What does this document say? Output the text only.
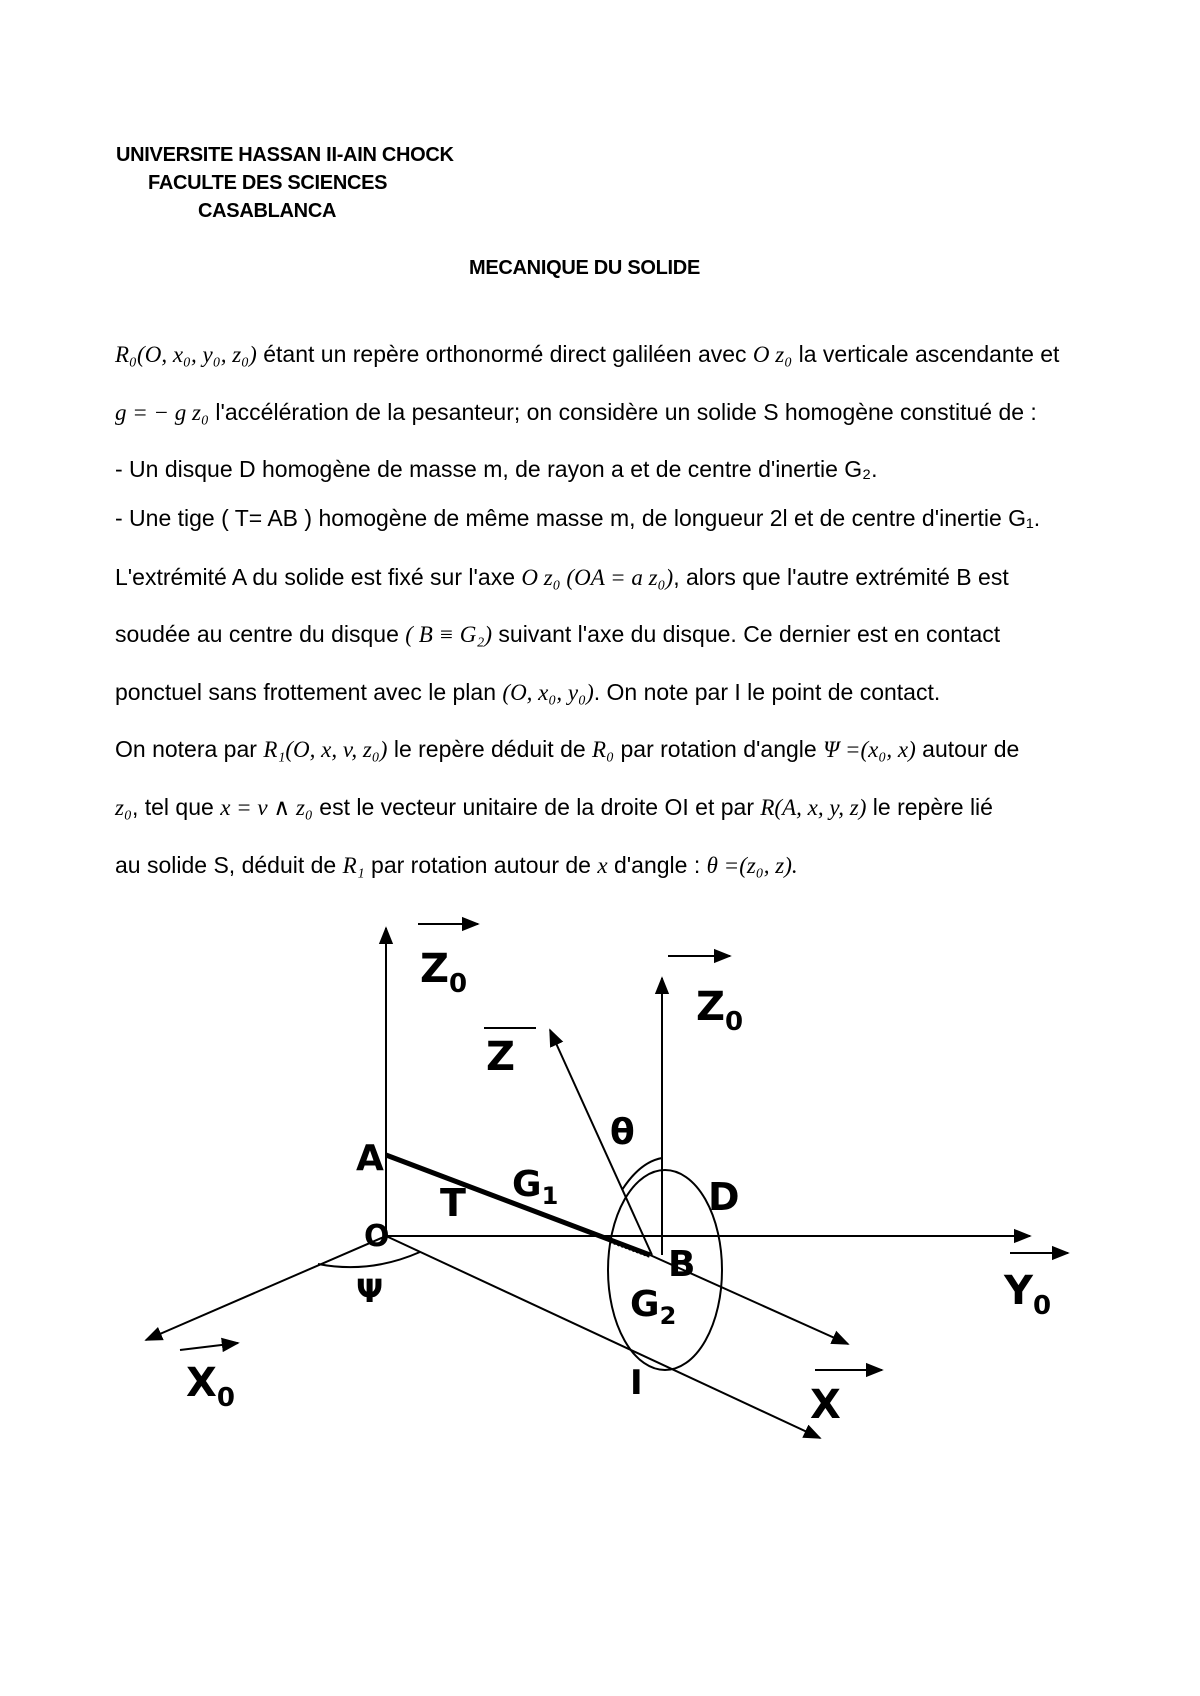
UNIVERSITE HASSAN II-AIN CHOCK
FACULTE DES SCIENCES
CASABLANCA
MECANIQUE DU SOLIDE
R₀(O, x₀, y₀, z₀) étant un repère orthonormé direct galiléen avec O z₀ la verticale ascendante et
g = − g z₀ l'accélération de la pesanteur; on considère un solide S homogène constitué de :
- Un disque D homogène de masse m, de rayon a et de centre d'inertie G₂.
- Une tige ( T= AB ) homogène de même masse m, de longueur 2l et de centre d'inertie G₁.
L'extrémité A du solide est fixé sur l'axe O z₀ (OA = a z₀), alors que l'autre extrémité B est
soudée au centre du disque ( B ≡ G₂) suivant l'axe du disque. Ce dernier est en contact
ponctuel sans frottement avec le plan (O, x₀, y₀). On note par I le point de contact.
On notera par R₁(O, x, v, z₀) le repère déduit de R₀ par rotation d'angle Ψ =(x₀, x) autour de
z₀, tel que x = v ∧ z₀ est le vecteur unitaire de la droite OI et par R(A, x, y, z) le repère lié
au solide S, déduit de R₁ par rotation autour de x d'angle : θ =(z₀, z).
$Z_0$	$Z_0$
Z
θ
A
T $G_1$	D
O
B
$G_2$
Ψ	$Y_0$
$X_0$	I	X
